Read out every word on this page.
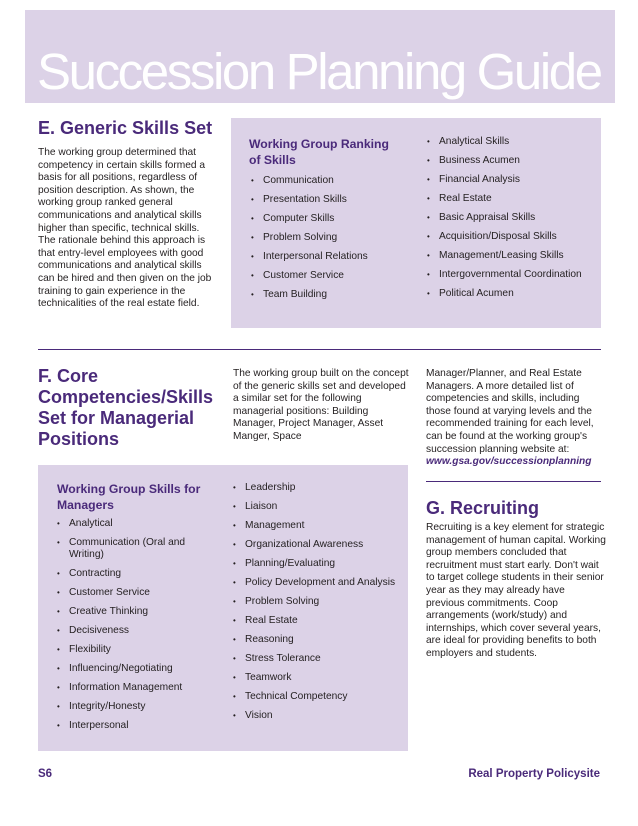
Succession Planning Guide
E. Generic Skills Set

The working group determined that competency in certain skills formed a basis for all positions, regardless of position description. As shown, the working group ranked general communications and analytical skills higher than specific, technical skills. The rationale behind this approach is that entry-level employees with good communications and analytical skills can be hired and then given on the job training to gain experience in the technicalities of the real estate field.

Working Group Ranking of Skills
• Communication
• Presentation Skills
• Computer Skills
• Problem Solving
• Interpersonal Relations
• Customer Service
• Team Building
• Analytical Skills
• Business Acumen
• Financial Analysis
• Real Estate
• Basic Appraisal Skills
• Acquisition/Disposal Skills
• Management/Leasing Skills
• Intergovernmental Coordination
• Political Acumen
F. Core Competencies/Skills Set for Managerial Positions

The working group built on the concept of the generic skills set and developed a similar set for the following managerial positions: Building Manager, Project Manager, Asset Manger, Space

Manager/Planner, and Real Estate Managers. A more detailed list of competencies and skills, including those found at varying levels and the recommended training for each level, can be found at the working group's succession planning website at: www.gsa.gov/successionplanning
Working Group Skills for Managers
• Analytical
• Communication (Oral and Writing)
• Contracting
• Customer Service
• Creative Thinking
• Decisiveness
• Flexibility
• Influencing/Negotiating
• Information Management
• Integrity/Honesty
• Interpersonal
• Leadership
• Liaison
• Management
• Organizational Awareness
• Planning/Evaluating
• Policy Development and Analysis
• Problem Solving
• Real Estate
• Reasoning
• Stress Tolerance
• Teamwork
• Technical Competency
• Vision
G. Recruiting

Recruiting is a key element for strategic management of human capital. Working group members concluded that recruitment must start early. Don't wait to target college students in their senior year as they may already have previous commitments. Coop arrangements (work/study) and internships, which cover several years, are ideal for providing benefits to both employers and students.

S6	Real Property Policysite
